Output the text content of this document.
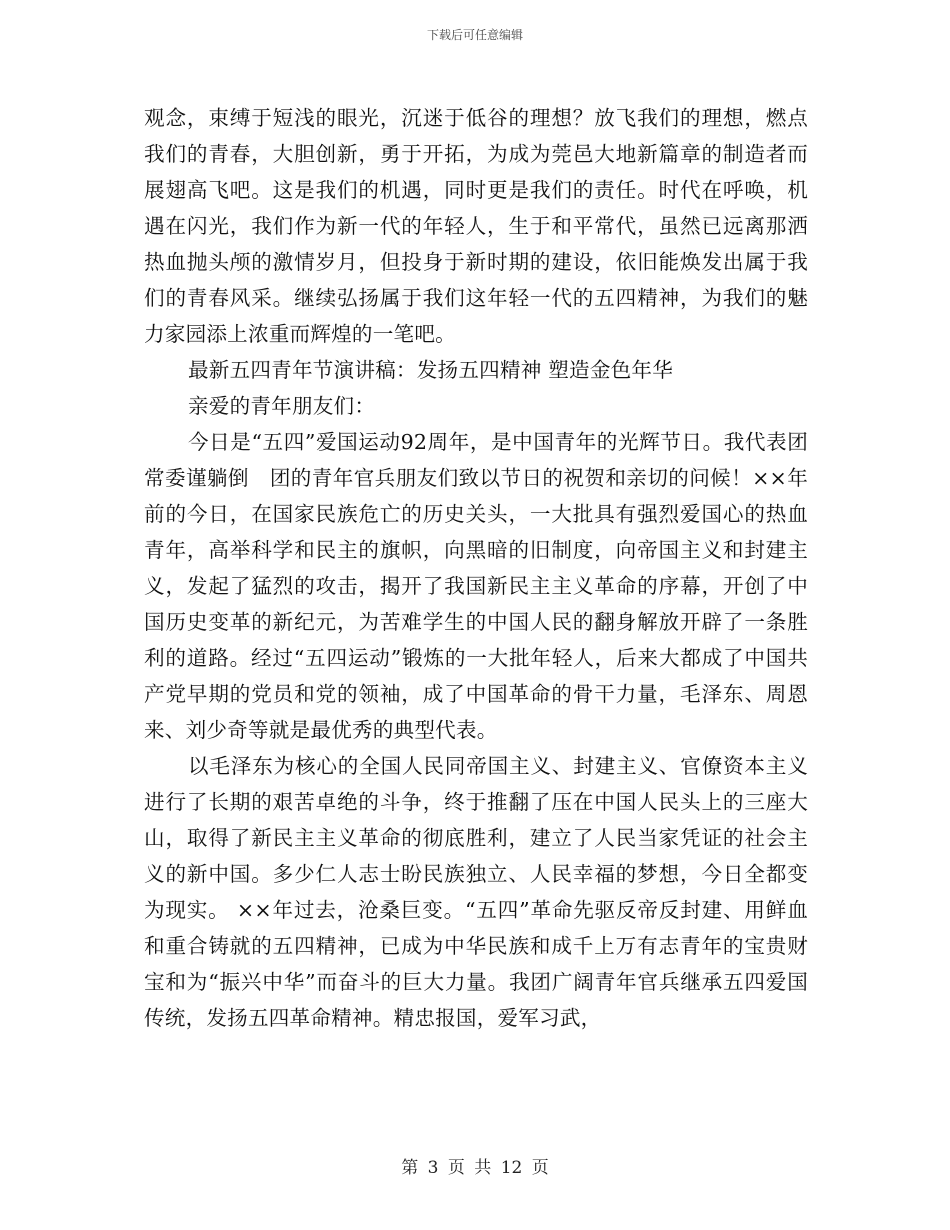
下载后可任意编辑

观念，束缚于短浅的眼光，沉迷于低谷的理想？放飞我们的理想，燃点我们的青春，大胆创新，勇于开拓，为成为莞邑大地新篇章的制造者而展翅高飞吧。这是我们的机遇，同时更是我们的责任。时代在呼唤，机遇在闪光，我们作为新一代的年轻人，生于和平常代，虽然已远离那洒热血抛头颅的激情岁月，但投身于新时期的建设，依旧能焕发出属于我们的青春风采。继续弘扬属于我们这年轻一代的五四精神，为我们的魅力家园添上浓重而辉煌的一笔吧。

最新五四青年节演讲稿：发扬五四精神 塑造金色年华

亲爱的青年朋友们：

今日是“五四”爱国运动92周年，是中国青年的光辉节日。我代表团常委谨躺倒　团的青年官兵朋友们致以节日的祝贺和亲切的问候！××年前的今日，在国家民族危亡的历史关头，一大批具有强烈爱国心的热血青年，高举科学和民主的旗帜，向黑暗的旧制度，向帝国主义和封建主义，发起了猛烈的攻击，揭开了我国新民主主义革命的序幕，开创了中国历史变革的新纪元，为苦难学生的中国人民的翻身解放开辟了一条胜利的道路。经过“五四运动”锻炼的一大批年轻人，后来大都成了中国共产党早期的党员和党的领袖，成了中国革命的骨干力量，毛泽东、周恩来、刘少奇等就是最优秀的典型代表。

以毛泽东为核心的全国人民同帝国主义、封建主义、官僚资本主义进行了长期的艰苦卓绝的斗争，终于推翻了压在中国人民头上的三座大山，取得了新民主主义革命的彻底胜利，建立了人民当家凭证的社会主义的新中国。多少仁人志士盼民族独立、人民幸福的梦想，今日全都变为现实。 ××年过去，沧桑巨变。“五四”革命先驱反帝反封建、用鲜血和重合铸就的五四精神，已成为中华民族和成千上万有志青年的宝贵财宝和为“振兴中华”而奋斗的巨大力量。我团广阔青年官兵继承五四爱国传统，发扬五四革命精神。精忠报国，爱军习武，

第 3 页 共 12 页
